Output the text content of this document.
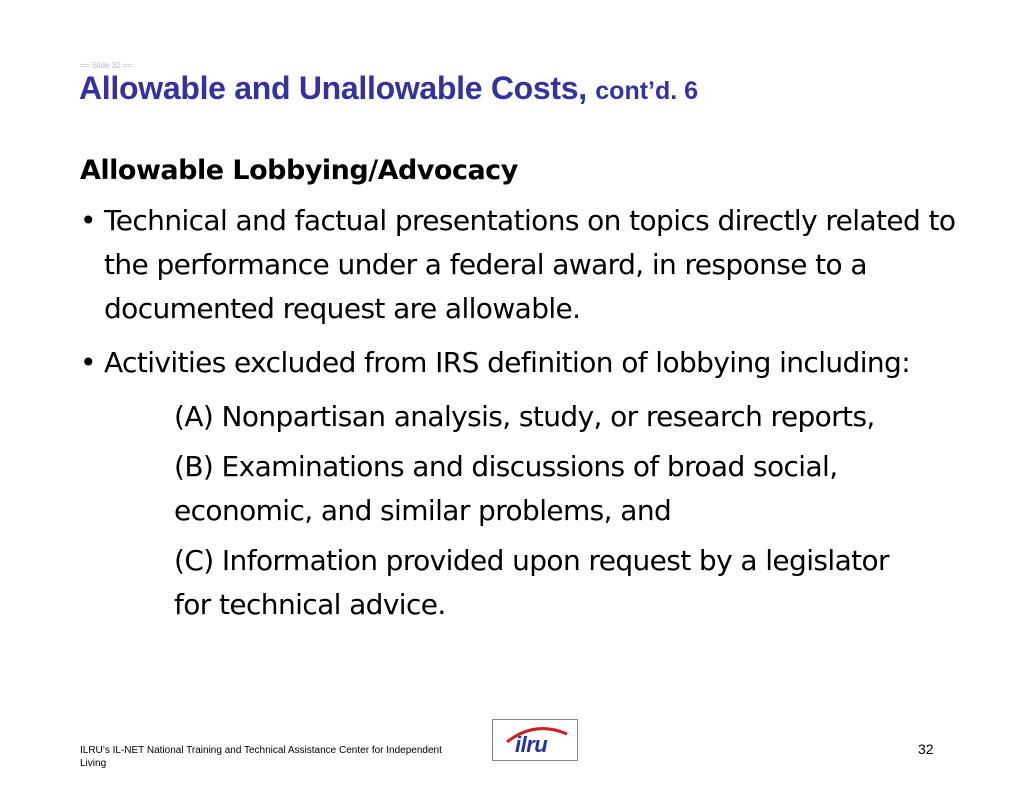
== Slide 32 ==
Allowable and Unallowable Costs, cont’d. 6
Allowable Lobbying/Advocacy
• Technical and factual presentations on topics directly related to the performance under a federal award, in response to a documented request are allowable.
• Activities excluded from IRS definition of lobbying including:
(A) Nonpartisan analysis, study, or research reports,
(B) Examinations and discussions of broad social, economic, and similar problems, and
(C) Information provided upon request by a legislator for technical advice.
ILRU’s IL-NET National Training and Technical Assistance Center for Independent Living
ilru	32
